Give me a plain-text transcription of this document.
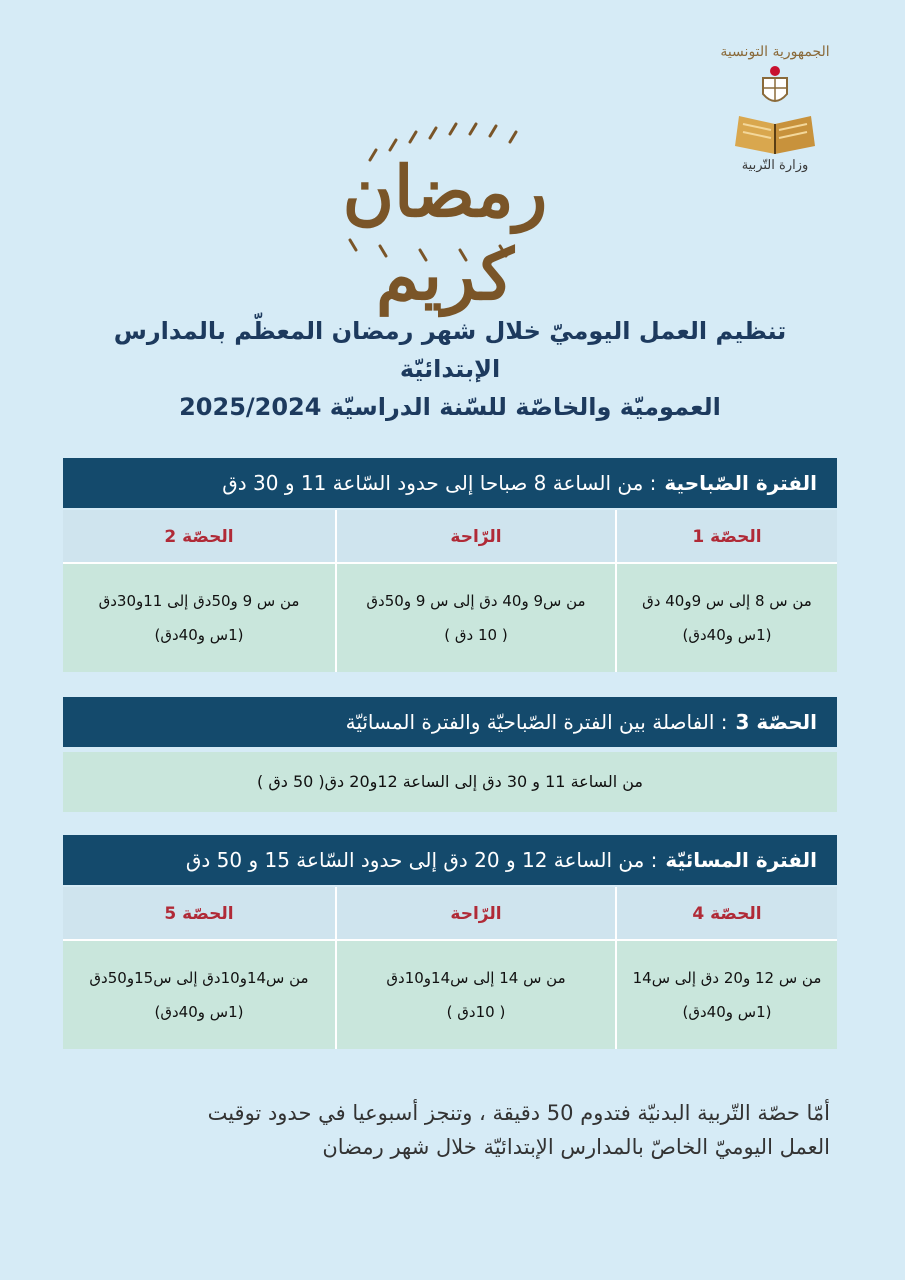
الجمهورية التونسية

وزارة التّربية

رمضان كريم

تنظيم العمل اليوميّ خلال شهر رمضان المعظّم بالمدارس الإبتدائيّة

العموميّة والخاصّة للسّنة الدراسيّة 2025/2024

الفترة الصّباحية
: من الساعة 8 صباحا إلى حدود السّاعة 11 و 30 دق
الحصّة 1
الرّاحة
الحصّة 2
من س 8 إلى س 9و40 دق
(1س و40دق)
من س9 و40 دق إلى س 9 و50دق
( 10 دق )
من س 9 و50دق إلى 11و30دق
(1س و40دق)
الحصّة 3
: الفاصلة بين الفترة الصّباحيّة والفترة المسائيّة
من الساعة 11 و 30 دق إلى الساعة 12و20 دق( 50 دق )
الفترة المسائيّة
: من الساعة 12 و 20 دق إلى حدود السّاعة 15 و 50 دق
الحصّة 4
الرّاحة
الحصّة 5
من س 12 و20 دق إلى س14
(1س و40دق)
من س 14 إلى س14و10دق
( 10دق )
من س14و10دق إلى س15و50دق
(1س و40دق)

أمّا حصّة التّربية البدنيّة فتدوم 50 دقيقة ، وتنجز أسبوعيا في حدود توقيت

العمل اليوميّ الخاصّ بالمدارس الإبتدائيّة خلال شهر رمضان
